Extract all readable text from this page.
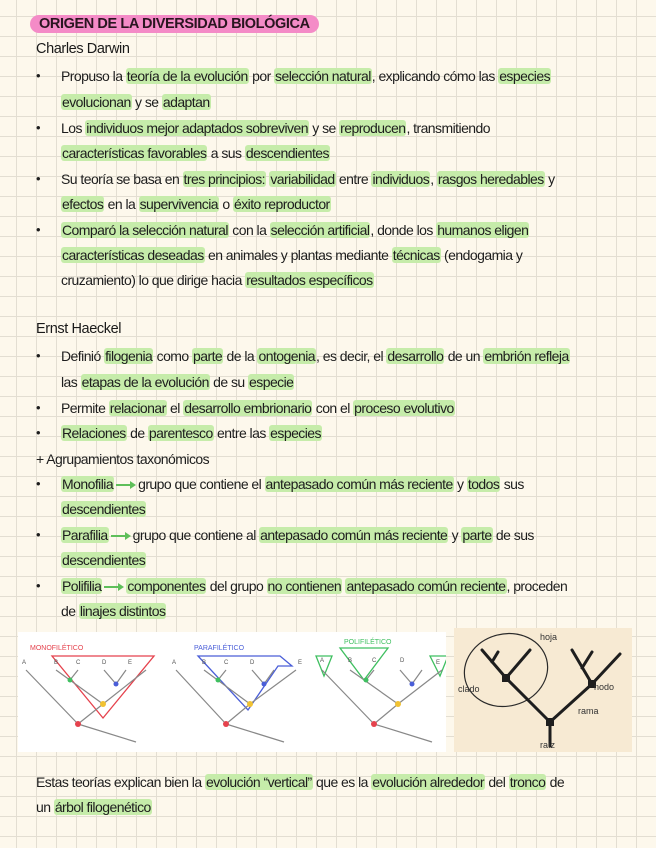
ORIGEN DE LA DIVERSIDAD BIOLÓGICA
Charles Darwin
•	Propuso la teoría de la evolución por selección natural, explicando cómo las especies
evolucionan y se adaptan
•	Los individuos mejor adaptados sobreviven y se reproducen, transmitiendo
características favorables a sus descendientes
•	Su teoría se basa en tres principios: variabilidad entre individuos, rasgos heredables y
efectos en la supervivencia o éxito reproductor
•	Comparó la selección natural con la selección artificial, donde los humanos eligen
características deseadas en animales y plantas mediante técnicas (endogamia y
cruzamiento) lo que dirige hacia resultados específicos
Ernst Haeckel
•	Definió filogenia como parte de la ontogenia, es decir, el desarrollo de un embrión refleja
las etapas de la evolución de su especie
•	Permite relacionar el desarrollo embrionario con el proceso evolutivo
•	Relaciones de parentesco entre las especies
+ Agrupamientos taxonómicos
•	Monofilia grupo que contiene el antepasado común más reciente y todos sus
descendientes
•	Parafilia grupo que contiene al antepasado común más reciente y parte de sus
descendientes
•	Polifilia componentes del grupo no contienen antepasado común reciente, proceden
de linajes distintos
MONOFILÉTICO
A	B	C	D	E
PARAFILÉTICO
A	B	C	D	E
POLIFILÉTICO
A	B	C	D	E
hoja
clado	nodo
rama
raíz
Estas teorías explican bien la evolución “vertical” que es la evolución alrededor del tronco de
un árbol filogenético
